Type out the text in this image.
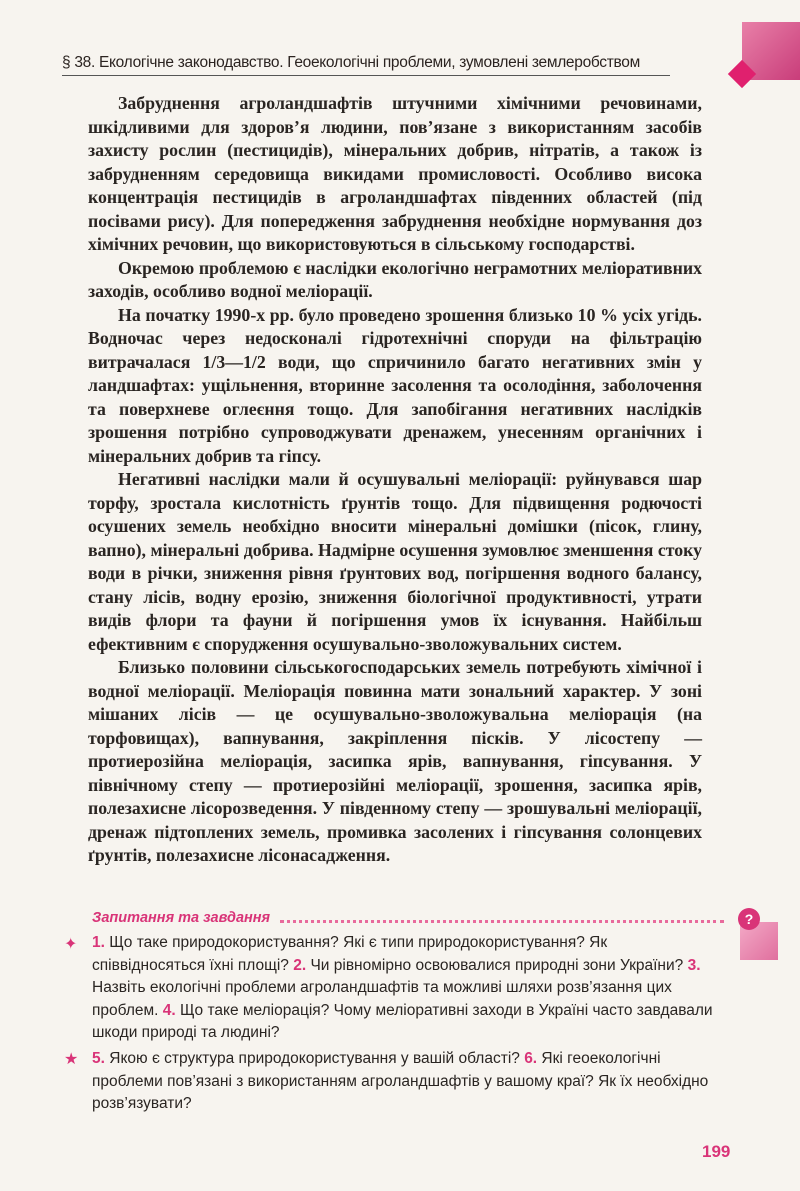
§ 38. Екологічне законодавство. Геоекологічні проблеми, зумовлені землеробством

Забруднення агроландшафтів штучними хімічними речовинами, шкідливими для здоров’я людини, пов’язане з використанням засобів захисту рослин (пестицидів), мінеральних добрив, нітратів, а також із забрудненням середовища викидами промисловості. Особливо висока концентрація пестицидів в агроландшафтах південних областей (під посівами рису). Для попередження забруднення необхідне нормування доз хімічних речовин, що використовуються в сільському господарстві.

Окремою проблемою є наслідки екологічно неграмотних меліоративних заходів, особливо водної меліорації.

На початку 1990-х рр. було проведено зрошення близько 10 % усіх угідь. Водночас через недосконалі гідротехнічні споруди на фільтрацію витрачалася 1/3—1/2 води, що спричинило багато негативних змін у ландшафтах: ущільнення, вторинне засолення та осолодіння, заболочення та поверхневе оглеєння тощо. Для запобігання негативних наслідків зрошення потрібно супроводжувати дренажем, унесенням органічних і мінеральних добрив та гіпсу.

Негативні наслідки мали й осушувальні меліорації: руйнувався шар торфу, зростала кислотність ґрунтів тощо. Для підвищення родючості осушених земель необхідно вносити мінеральні домішки (пісок, глину, вапно), мінеральні добрива. Надмірне осушення зумовлює зменшення стоку води в річки, зниження рівня ґрунтових вод, погіршення водного балансу, стану лісів, водну ерозію, зниження біологічної продуктивності, утрати видів флори та фауни й погіршення умов їх існування. Найбільш ефективним є спорудження осушувально-зволожувальних систем.

Близько половини сільськогосподарських земель потребують хімічної і водної меліорації. Меліорація повинна мати зональний характер. У зоні мішаних лісів — це осушувально-зволожувальна меліорація (на торфовищах), вапнування, закріплення пісків. У лісостепу — протиерозійна меліорація, засипка ярів, вапнування, гіпсування. У північному степу — протиерозійні меліорації, зрошення, засипка ярів, полезахисне лісорозведення. У південному степу — зрошувальні меліорації, дренаж підтоплених земель, промивка засолених і гіпсування солонцевих ґрунтів, полезахисне лісонасадження.

Запитання та завдання	?
✦ 1. Що таке природокористування? Які є типи природокористування? Як співвідносяться їхні площі? 2. Чи рівномірно освоювалися природні зони України? 3. Назвіть екологічні проблеми агроландшафтів та можливі шляхи розв’язання цих проблем. 4. Що таке меліорація? Чому меліоративні заходи в Україні часто завдавали шкоди природі та людині?
★ 5. Якою є структура природокористування у вашій області? 6. Які геоекологічні проблеми пов’язані з використанням агроландшафтів у вашому краї? Як їх необхідно розв’язувати?
199
